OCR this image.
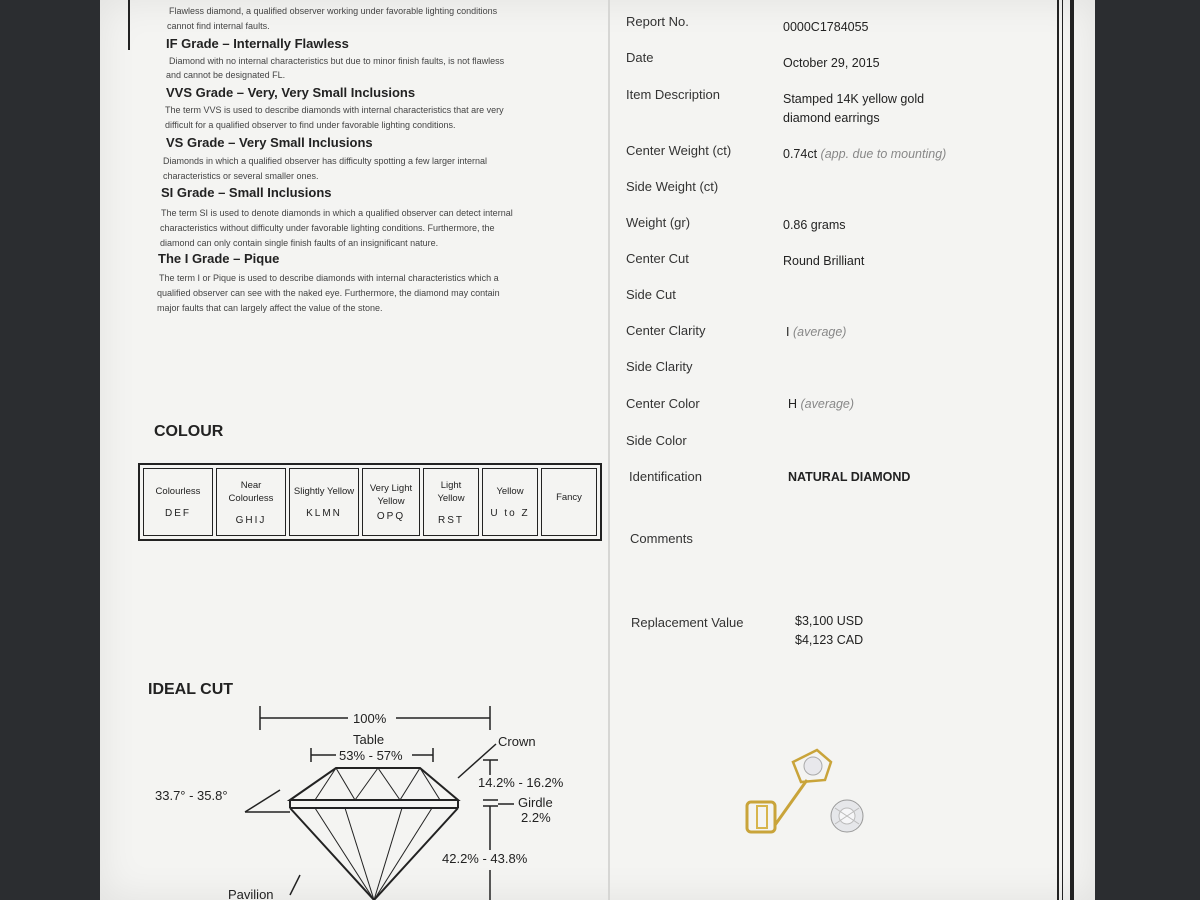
Flawless diamond, a qualified observer working under favorable lighting conditions
cannot find internal faults.
IF Grade – Internally Flawless
Diamond with no internal characteristics but due to minor finish faults, is not flawless
and cannot be designated FL.
VVS Grade – Very, Very Small Inclusions
The term VVS is used to describe diamonds with internal characteristics that are very
difficult for a qualified observer to find under favorable lighting conditions.
VS Grade – Very Small Inclusions
Diamonds in which a qualified observer has difficulty spotting a few larger internal
characteristics or several smaller ones.
SI Grade – Small Inclusions
The term SI is used to denote diamonds in which a qualified observer can detect internal
characteristics without difficulty under favorable lighting conditions. Furthermore, the
diamond can only contain single finish faults of an insignificant nature.
The I Grade – Pique
The term I or Pique is used to describe diamonds with internal characteristics which a
qualified observer can see with the naked eye. Furthermore, the diamond may contain
major faults that can largely affect the value of the stone.
COLOUR
Colourless
DEF

Near Colourless
GHIJ

Slightly Yellow
KLMN

Very Light Yellow
OPQ

Light Yellow
RST

Yellow
U to Z

Fancy
IDEAL CUT
100%
Table
53% - 57%
Crown
33.7° - 35.8°
14.2% - 16.2%
Girdle
2.2%
42.2% - 43.8%
Pavilion
Report No.	0000C1784055
Date	October 29, 2015
Item Description	Stamped 14K yellow gold
diamond earrings
Center Weight (ct)	0.74ct (app. due to mounting)
Side Weight (ct)
Weight (gr)	0.86 grams
Center Cut	Round Brilliant
Side Cut
Center Clarity	I (average)
Side Clarity
Center Color	H (average)
Side Color
Identification	NATURAL DIAMOND
Comments
Replacement Value	$3,100 USD
$4,123 CAD
